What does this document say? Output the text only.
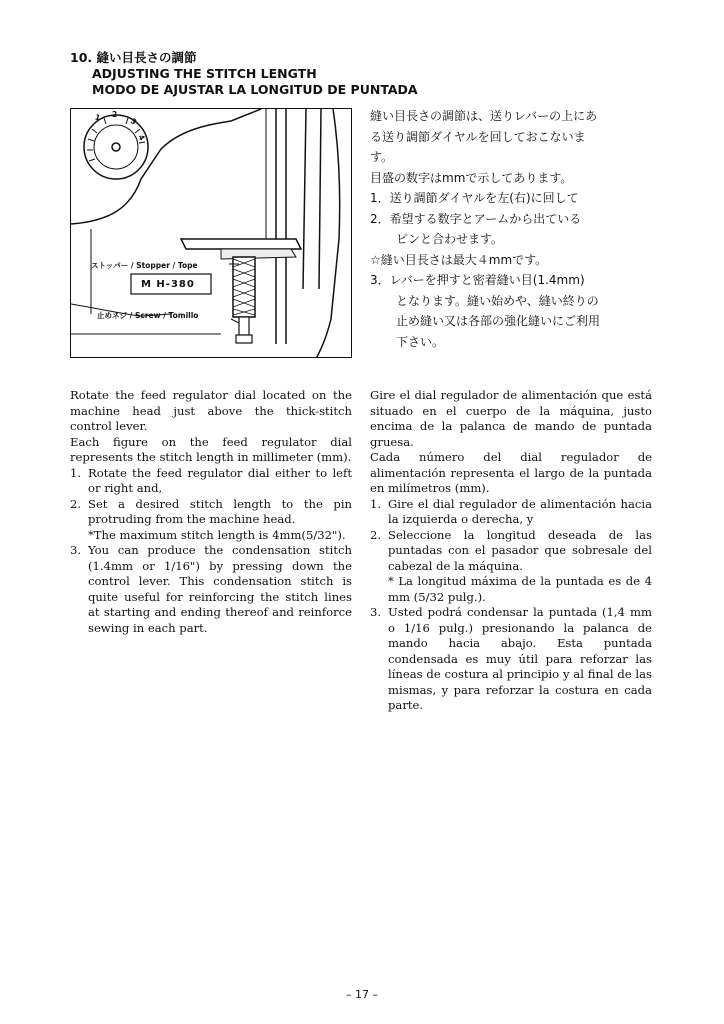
10. 縫い目長さの調節
ADJUSTING THE STITCH LENGTH
MODO DE AJUSTAR LA LONGITUD DE PUNTADA
1 2
3
4
M H-380
ストッパー / Stopper / Tope
止めネジ / Screw / Tomillo

縫い目長さの調節は、送りレバーの上にあ

る送り調節ダイヤルを回しておこないま

す。

目盛の数字はmmで示してあります。

1．送り調節ダイヤルを左(右)に回して

2．希望する数字とアームから出ている

ピンと合わせます。

☆縫い目長さは最大４mmです。

3．レバーを押すと密着縫い目(1.4mm)

となります。縫い始めや、縫い終りの

止め縫い又は各部の強化縫いにご利用

下さい。

Rotate the feed regulator dial located on the machine head just above the thick-stitch control lever.

Each figure on the feed regulator dial represents the stitch length in millimeter (mm).

1. Rotate the feed regulator dial either to left or right and,
2. Set a desired stitch length to the pin protruding from the machine head.

*The maximum stitch length is 4mm(5/32").

3. You can produce the condensation stitch (1.4mm or 1/16") by pressing down the control lever. This condensation stitch is quite useful for reinforcing the stitch lines at starting and ending thereof and reinforce sewing in each part.

Gire el dial regulador de alimentación que está situado en el cuerpo de la máquina, justo encima de la palanca de mando de puntada gruesa.

Cada número del dial regulador de alimentación representa el largo de la puntada en milímetros (mm).

1. Gire el dial regulador de alimentación hacia la izquierda o derecha, y
2. Seleccione la longitud deseada de las puntadas con el pasador que sobresale del cabezal de la máquina.

* La longitud máxima de la puntada es de 4 mm (5/32 pulg.).

3. Usted podrá condensar la puntada (1,4 mm o 1/16 pulg.) presionando la palanca de mando hacia abajo. Esta puntada condensada es muy útil para reforzar las líneas de costura al principio y al final de las mismas, y para reforzar la costura en cada parte.
– 17 –
